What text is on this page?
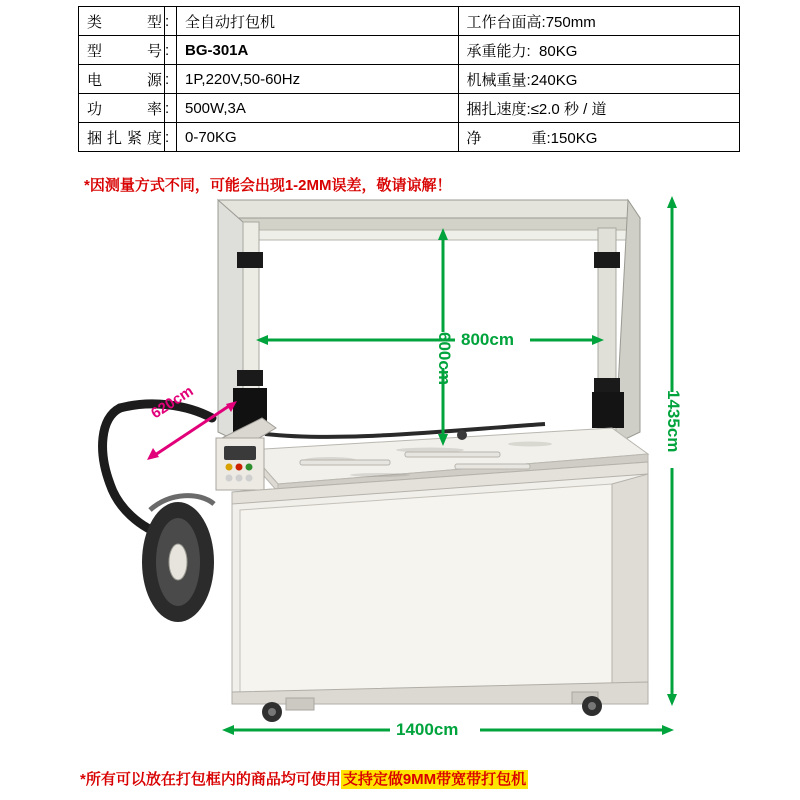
类 型	:	全自动打包机	工作台面高:750mm
型 号	:	BG-301A	承重能力: 80KG
电 源	:	1P,220V,50-60Hz	机械重量:240KG
功 率	:	500W,3A	捆扎速度:≤2.0 秒 / 道
捆扎紧度	:	0-70KG	净 重:150KG
*因测量方式不同，可能会出现1-2MM误差，敬请谅解！
600cm 800cm
1435cm
1400cm
620cm
*所有可以放在打包框内的商品均可使用 支持定做9MM带宽带打包机
